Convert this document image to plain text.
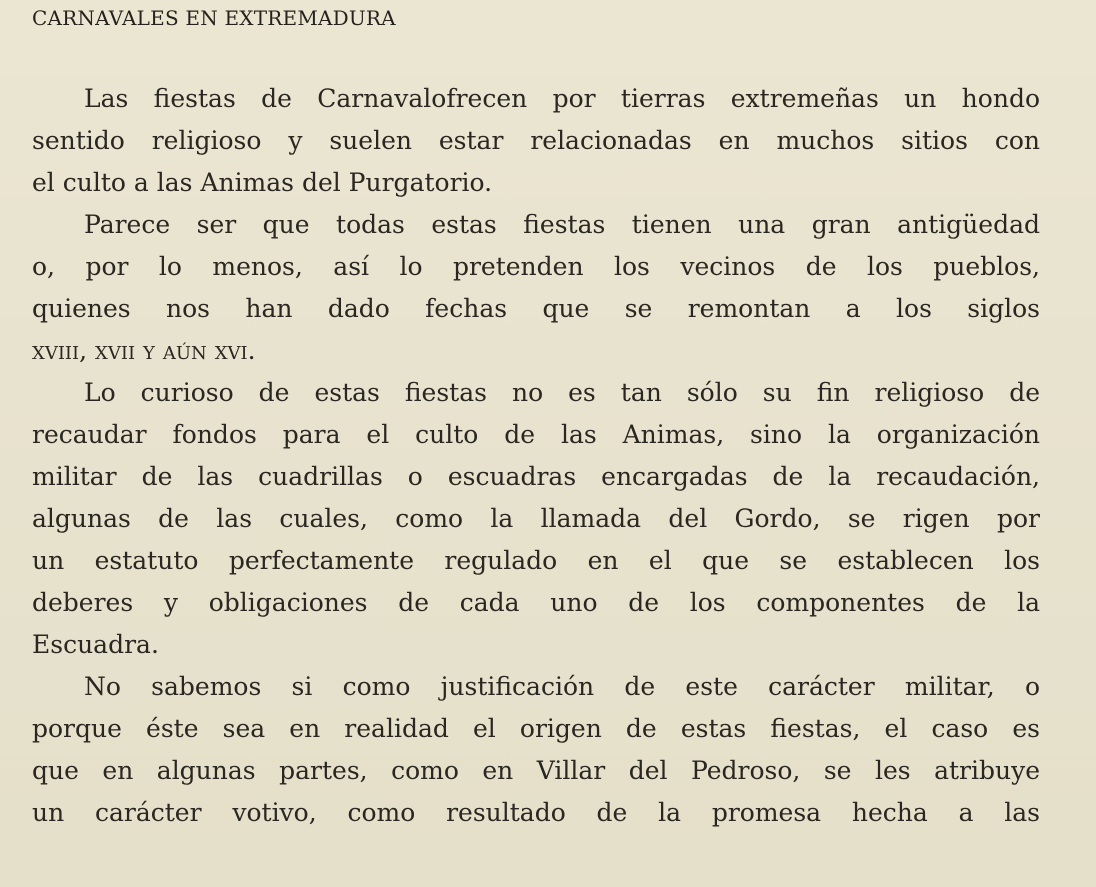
CARNAVALES EN EXTREMADURA
Las fiestas de Carnavalofrecen por tierras extremeñas un hondo
sentido religioso y suelen estar relacionadas en muchos sitios con
el culto a las Animas del Purgatorio.
Parece ser que todas estas fiestas tienen una gran antigüedad
o, por lo menos, así lo pretenden los vecinos de los pueblos,
quienes nos han dado fechas que se remontan a los siglos
xviii, xvii y aún xvi.
Lo curioso de estas fiestas no es tan sólo su fin religioso de
recaudar fondos para el culto de las Animas, sino la organización
militar de las cuadrillas o escuadras encargadas de la recaudación,
algunas de las cuales, como la llamada del Gordo, se rigen por
un estatuto perfectamente regulado en el que se establecen los
deberes y obligaciones de cada uno de los componentes de la
Escuadra.
No sabemos si como justificación de este carácter militar, o
porque éste sea en realidad el origen de estas fiestas, el caso es
que en algunas partes, como en Villar del Pedroso, se les atribuye
un carácter votivo, como resultado de la promesa hecha a las
